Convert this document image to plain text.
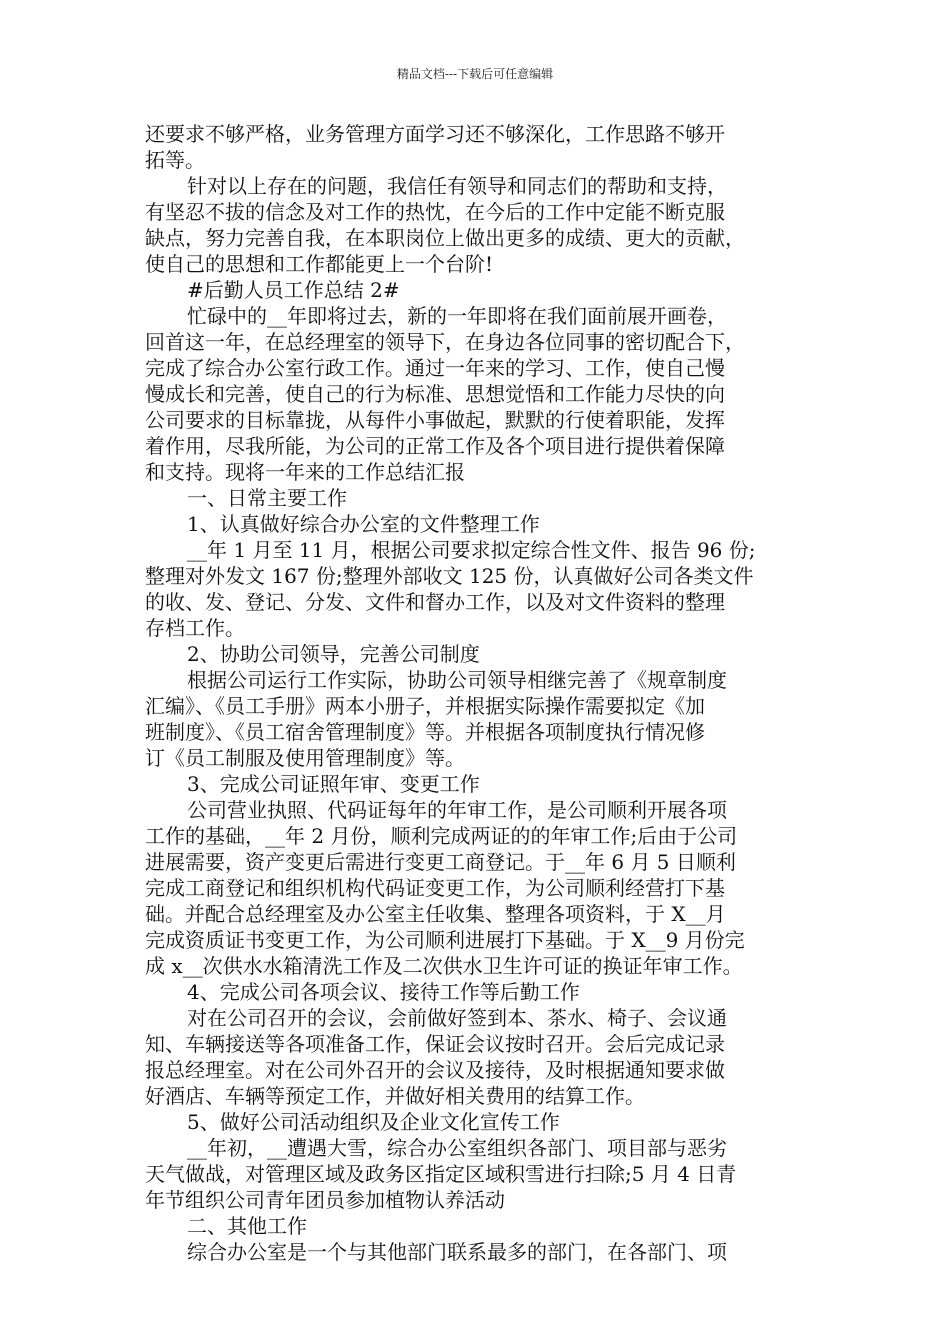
精品文档---下载后可任意编辑
还要求不够严格，业务管理方面学习还不够深化，工作思路不够开
拓等。
针对以上存在的问题，我信任有领导和同志们的帮助和支持，
有坚忍不拔的信念及对工作的热忱，在今后的工作中定能不断克服
缺点，努力完善自我，在本职岗位上做出更多的成绩、更大的贡献，
使自己的思想和工作都能更上一个台阶!
#后勤人员工作总结 2#
忙碌中的__年即将过去，新的一年即将在我们面前展开画卷，
回首这一年，在总经理室的领导下，在身边各位同事的密切配合下，
完成了综合办公室行政工作。通过一年来的学习、工作，使自己慢
慢成长和完善，使自己的行为标准、思想觉悟和工作能力尽快的向
公司要求的目标靠拢，从每件小事做起，默默的行使着职能，发挥
着作用，尽我所能，为公司的正常工作及各个项目进行提供着保障
和支持。现将一年来的工作总结汇报
一、日常主要工作
1、认真做好综合办公室的文件整理工作
__年 1 月至 11 月，根据公司要求拟定综合性文件、报告 96 份;
整理对外发文 167 份;整理外部收文 125 份，认真做好公司各类文件
的收、发、登记、分发、文件和督办工作，以及对文件资料的整理
存档工作。
2、协助公司领导，完善公司制度
根据公司运行工作实际，协助公司领导相继完善了《规章制度
汇编》、《员工手册》两本小册子，并根据实际操作需要拟定《加
班制度》、《员工宿舍管理制度》等。并根据各项制度执行情况修
订《员工制服及使用管理制度》等。
3、完成公司证照年审、变更工作
公司营业执照、代码证每年的年审工作，是公司顺利开展各项
工作的基础，__年 2 月份，顺利完成两证的的年审工作;后由于公司
进展需要，资产变更后需进行变更工商登记。于__年 6 月 5 日顺利
完成工商登记和组织机构代码证变更工作，为公司顺利经营打下基
础。并配合总经理室及办公室主任收集、整理各项资料，于 X__月
完成资质证书变更工作，为公司顺利进展打下基础。于 X__9 月份完
成 x__次供水水箱清洗工作及二次供水卫生许可证的换证年审工作。
4、完成公司各项会议、接待工作等后勤工作
对在公司召开的会议，会前做好签到本、茶水、椅子、会议通
知、车辆接送等各项准备工作，保证会议按时召开。会后完成记录
报总经理室。对在公司外召开的会议及接待，及时根据通知要求做
好酒店、车辆等预定工作，并做好相关费用的结算工作。
5、做好公司活动组织及企业文化宣传工作
__年初，__遭遇大雪，综合办公室组织各部门、项目部与恶劣
天气做战，对管理区域及政务区指定区域积雪进行扫除;5 月 4 日青
年节组织公司青年团员参加植物认养活动
二、其他工作
综合办公室是一个与其他部门联系最多的部门，在各部门、项
